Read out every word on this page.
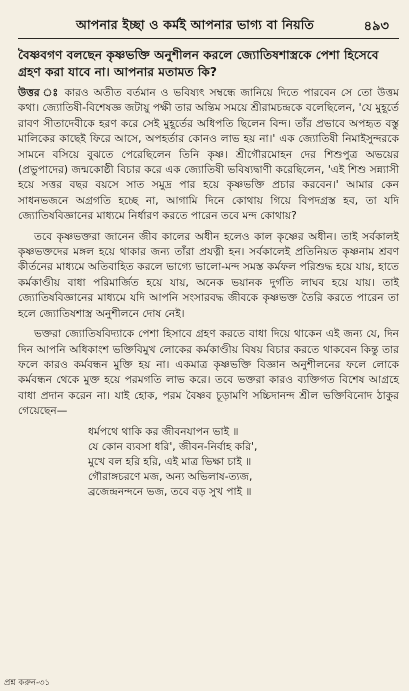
আপনার ইচ্ছা ও কর্মই আপনার ভাগ্য বা নিয়তি	৪৯৩

বৈষ্ণবগণ বলছেন কৃষ্ণভক্তি অনুশীলন করলে জ্যোতিষশাস্ত্রকে পেশা হিসেবে গ্রহণ করা যাবে না। আপনার মতামত কি?

উত্তর ঃ কারও অতীত বর্তমান ও ভবিষ্যৎ সম্বন্ধে জানিয়ে দিতে পারবেন সে তো উত্তম কথা। জ্যোতিষী-বিশেষজ্ঞ জটায়ু পক্ষী তার অন্তিম সময়ে শ্রীরামচন্দ্রকে বলেছিলেন, 'যে মুহূর্তে রাবণ সীতাদেবীকে হরণ করে সেই মুহূর্তের অধিপতি ছিলেন বিন্দ। তাঁর প্রভাবে অপহৃত বস্তু মালিকের কাছেই ফিরে আসে, অপহর্তার কোনও লাভ হয় না।' এক জ্যোতিষী নিমাইসুন্দরকে সামনে বসিয়ে বুঝতে পেরেছিলেন তিনি কৃষ্ণ। শ্রীগৌরমোহন দের শিশুপুত্র অভয়ের (প্রভুপাদের) জন্মকোষ্ঠী বিচার করে এক জ্যোতিষী ভবিষ্যদ্বাণী করেছিলেন, 'এই শিশু সন্ন্যাসী হয়ে সত্তর বছর বয়সে সাত সমুদ্র পার হয়ে কৃষ্ণভক্তি প্রচার করবেন।' আমার কেন সাধনভজনে অগ্রগতি হচ্ছে না, আগামি দিনে কোথায় গিয়ে বিপদগ্রস্ত হব, তা যদি জ্যোতিষবিজ্ঞানের মাধ্যমে নির্ধারণ করতে পারেন তবে মন্দ কোথায়?

তবে কৃষ্ণভক্তরা জানেন জীব কালের অধীন হলেও কাল কৃষ্ণের অধীন। তাই সর্বকালই কৃষ্ণভক্তদের মঙ্গল হয়ে থাকার জন্য তাঁরা প্রযত্নী হন। সর্বকালেই প্রতিনিয়ত কৃষ্ণনাম শ্রবণ কীর্তনের মাধ্যমে অতিবাহিত করলে ভাগ্যে ভালো-মন্দ সমস্ত কর্মফল পরিশুদ্ধ হয়ে যায়, হাতে কর্মকাণ্ডীয় বাধা পরিমার্জিত হয়ে যায়, অনেক ভয়ানক দুর্গতি লাঘব হয়ে যায়। তাই জ্যোতিষবিজ্ঞানের মাধ্যমে যদি আপনি সংসারবদ্ধ জীবকে কৃষ্ণভক্ত তৈরি করতে পারেন তা হলে জ্যোতিষশাস্ত্র অনুশীলনে দোষ নেই।

ভক্তরা জ্যোতিষবিদ্যাকে পেশা হিসাবে গ্রহণ করতে বাধা দিয়ে থাকেন এই জন্য যে, দিন দিন আপনি অধিকাংশ ভক্তিবিমুখ লোকের কর্মকাণ্ডীয় বিষয় বিচার করতে থাকবেন কিন্তু তার ফলে কারও কর্মবন্ধন মুক্তি হয় না। একমাত্র কৃষ্ণভক্তি বিজ্ঞান অনুশীলনের ফলে লোকে কর্মবন্ধন থেকে মুক্ত হয়ে পরমগতি লাভ করে। তবে ভক্তরা কারও ব্যক্তিগত বিশেষ আগ্রহে বাধা প্রদান করেন না। যাই হোক, পরম বৈষ্ণব চূড়ামণি সচ্চিদানন্দ শ্রীল ভক্তিবিনোদ ঠাকুর গেয়েছেন—

ধর্মপথে থাকি কর জীবনযাপন ভাই ॥
যে কোন ব্যবসা ধরি', জীবন-নির্বাহ করি',
মুখে বল হরি হরি, এই মাত্র ভিক্ষা চাই ॥
গৌরাঙ্গচরণে মজ, অন্য অভিলাষ-ত্যজ,
ব্রজেন্দ্রনন্দনে ভজ, তবে বড় সুখ পাই ॥
প্রশ্ন করুন-৩১
